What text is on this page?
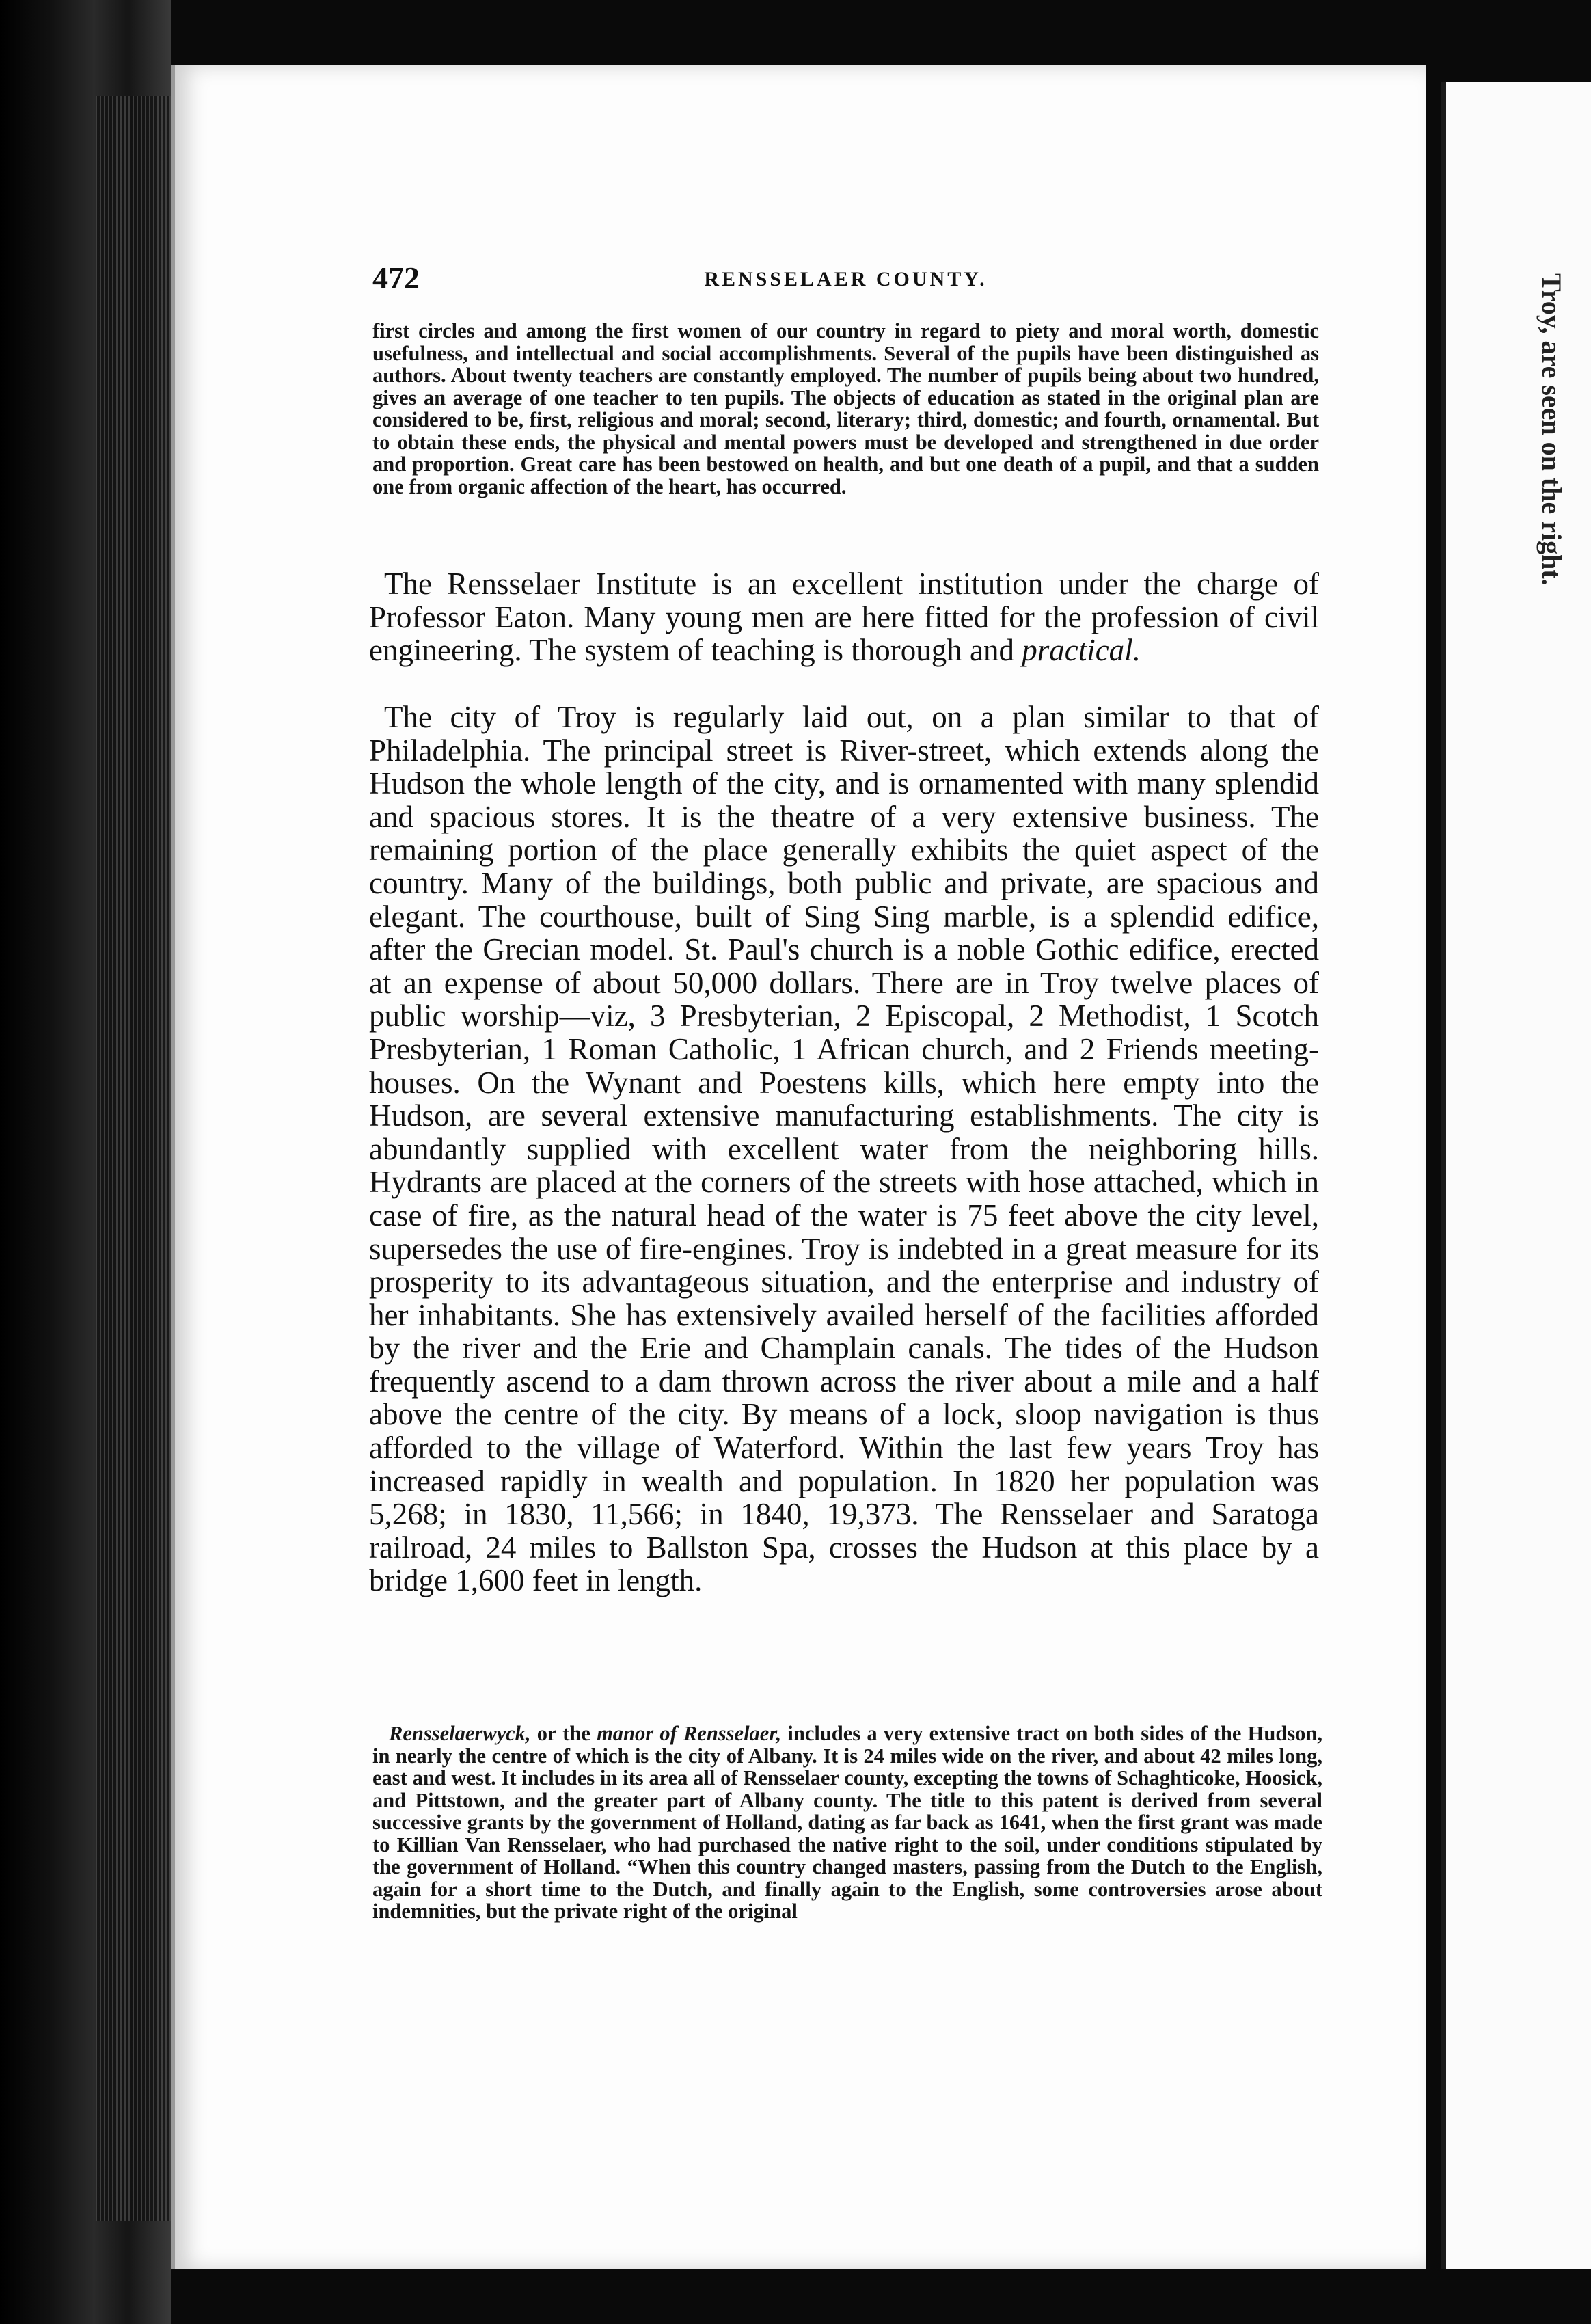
Troy, are seen on the right.
472	RENSSELAER COUNTY.

first circles and among the first women of our country in regard to piety and moral worth, domestic usefulness, and intellectual and social accomplishments. Several of the pupils have been distinguished as authors. About twenty teachers are constantly employed. The number of pupils being about two hundred, gives an average of one teacher to ten pupils. The objects of education as stated in the original plan are considered to be, first, religious and moral; second, literary; third, domestic; and fourth, ornamental. But to obtain these ends, the physical and mental powers must be developed and strengthened in due order and proportion. Great care has been bestowed on health, and but one death of a pupil, and that a sudden one from organic affection of the heart, has occurred.

The Rensselaer Institute is an excellent institution under the charge of Professor Eaton. Many young men are here fitted for the profession of civil engineering. The system of teaching is thorough and practical.

The city of Troy is regularly laid out, on a plan similar to that of Philadelphia. The principal street is River-street, which extends along the Hudson the whole length of the city, and is ornamented with many splendid and spacious stores. It is the theatre of a very extensive business. The remaining portion of the place generally exhibits the quiet aspect of the country. Many of the buildings, both public and private, are spacious and elegant. The courthouse, built of Sing Sing marble, is a splendid edifice, after the Grecian model. St. Paul's church is a noble Gothic edifice, erected at an expense of about 50,000 dollars. There are in Troy twelve places of public worship—viz, 3 Presbyterian, 2 Episcopal, 2 Methodist, 1 Scotch Presbyterian, 1 Roman Catholic, 1 African church, and 2 Friends meeting-houses. On the Wynant and Poestens kills, which here empty into the Hudson, are several extensive manufacturing establishments. The city is abundantly supplied with excellent water from the neighboring hills. Hydrants are placed at the corners of the streets with hose attached, which in case of fire, as the natural head of the water is 75 feet above the city level, supersedes the use of fire-engines. Troy is indebted in a great measure for its prosperity to its advantageous situation, and the enterprise and industry of her inhabitants. She has extensively availed herself of the facilities afforded by the river and the Erie and Champlain canals. The tides of the Hudson frequently ascend to a dam thrown across the river about a mile and a half above the centre of the city. By means of a lock, sloop navigation is thus afforded to the village of Waterford. Within the last few years Troy has increased rapidly in wealth and population. In 1820 her population was 5,268; in 1830, 11,566; in 1840, 19,373. The Rensselaer and Saratoga railroad, 24 miles to Ballston Spa, crosses the Hudson at this place by a bridge 1,600 feet in length.

Rensselaerwyck, or the manor of Rensselaer, includes a very extensive tract on both sides of the Hudson, in nearly the centre of which is the city of Albany. It is 24 miles wide on the river, and about 42 miles long, east and west. It includes in its area all of Rensselaer county, excepting the towns of Schaghticoke, Hoosick, and Pittstown, and the greater part of Albany county. The title to this patent is derived from several successive grants by the government of Holland, dating as far back as 1641, when the first grant was made to Killian Van Rensselaer, who had purchased the native right to the soil, under conditions stipulated by the government of Holland. “When this country changed masters, passing from the Dutch to the English, again for a short time to the Dutch, and finally again to the English, some controversies arose about indemnities, but the private right of the original
